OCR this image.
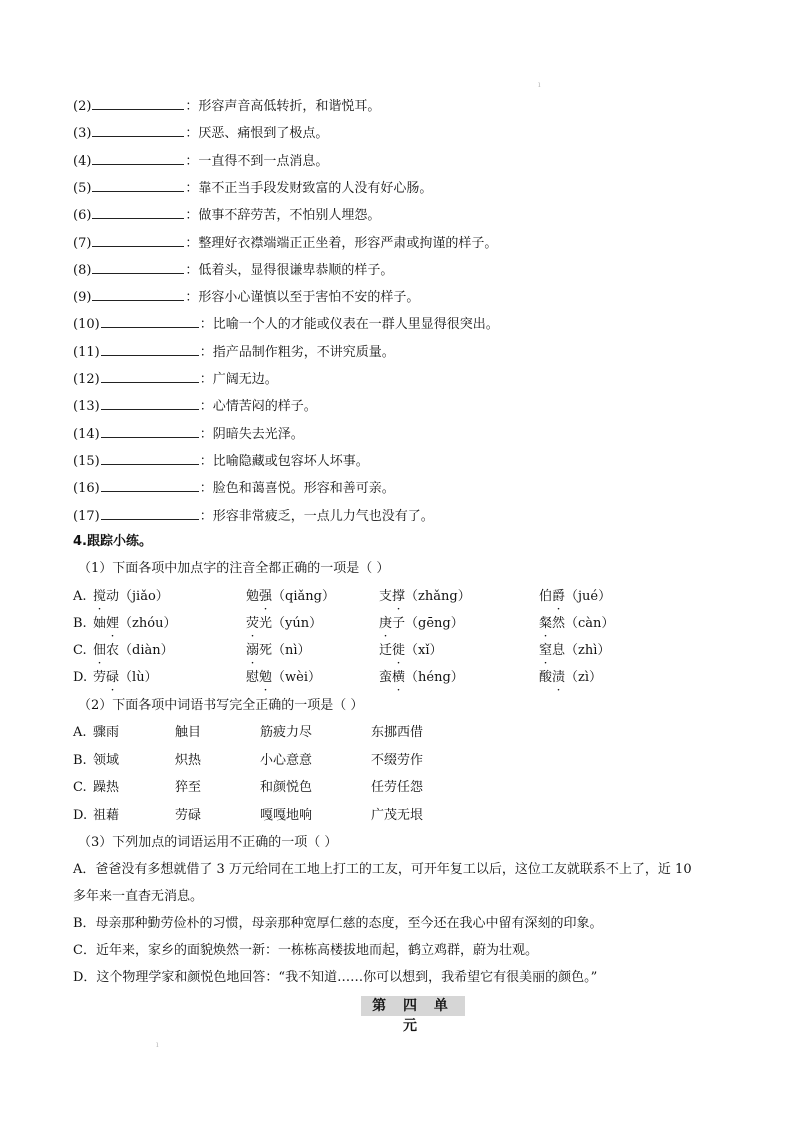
(2)	：形容声音高低转折，和谐悦耳。
(3)	：厌恶、痛恨到了极点。
(4)	：一直得不到一点消息。
(5)	：靠不正当手段发财致富的人没有好心肠。
(6)	：做事不辞劳苦，不怕别人埋怨。
(7)	：整理好衣襟端端正正坐着，形容严肃或拘谨的样子。
(8)	：低着头，显得很谦卑恭顺的样子。
(9)	：形容小心谨慎以至于害怕不安的样子。
(10)	：比喻一个人的才能或仪表在一群人里显得很突出。
(11)	：指产品制作粗劣，不讲究质量。
(12)	：广阔无边。
(13)	：心情苦闷的样子。
(14)	：阴暗失去光泽。
(15)	：比喻隐藏或包容坏人坏事。
(16)	：脸色和蔼喜悦。形容和善可亲。
(17)	：形容非常疲乏，一点儿力气也没有了。
4.跟踪小练。
（1）下面各项中加点字的注音全都正确的一项是（ ）
A. 搅动（jiǎo）	勉强（qiǎng）	支撑（zhǎng）	伯爵（jué）
B. 妯娌（zhóu）	荧光（yún）	庚子（gēng）	粲然（càn）
C. 佃农（diàn）	溺死（nì）	迁徙（xǐ）	窒息（zhì）
D. 劳碌（lù）	慰勉（wèi）	蛮横（héng）	酸渍（zì）
（2）下面各项中词语书写完全正确的一项是（ ）
A. 骤雨	触目	筋疲力尽	东挪西借
B. 领域	炽热	小心意意	不缀劳作
C. 躁热	猝至	和颜悦色	任劳任怨
D. 祖藉	劳碌	嘎嘎地响	广茂无垠
（3）下列加点的词语运用不正确的一项（ ）
A．爸爸没有多想就借了 3 万元给同在工地上打工的工友，可开年复工以后，这位工友就联系不上了，近 10
多年来一直杳无消息。
B．母亲那种勤劳俭朴的习惯，母亲那种宽厚仁慈的态度，至今还在我心中留有深刻的印象。
C．近年来，家乡的面貌焕然一新：一栋栋高楼拔地而起，鹤立鸡群，蔚为壮观。
D．这个物理学家和颜悦色地回答：“我不知道……你可以想到，我希望它有很美丽的颜色。”
第 四 单 元
ı
ı
